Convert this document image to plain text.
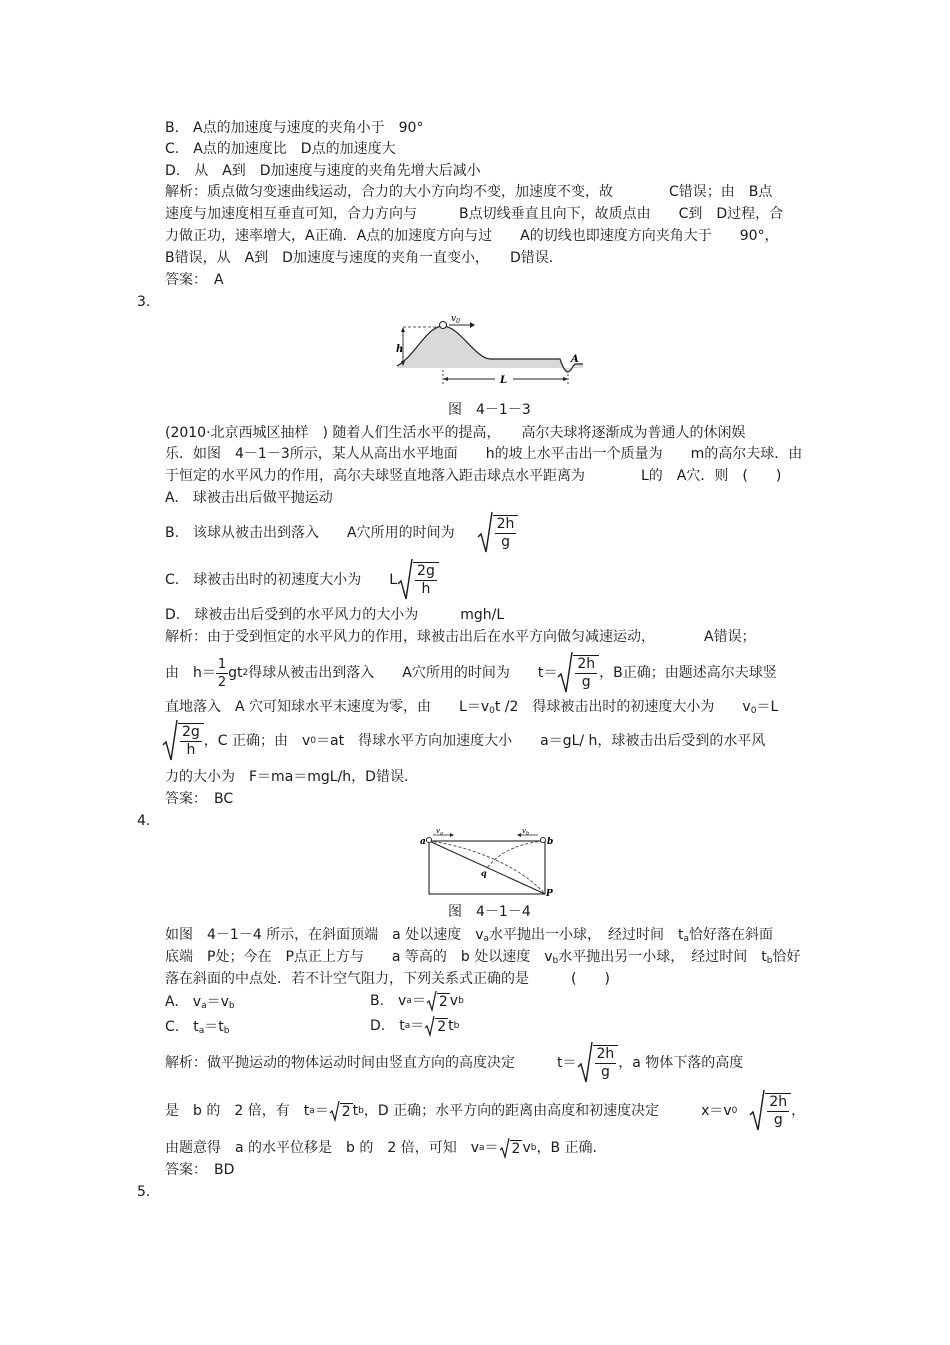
B.　A点的加速度与速度的夹角小于　90°
C.　A点的加速度比　D点的加速度大
D.　从　A到　D加速度与速度的夹角先增大后减小
解析：质点做匀变速曲线运动，合力的大小方向均不变，加速度不变，故　　　　C错误；由　B点
速度与加速度相互垂直可知，合力方向与　　　B点切线垂直且向下，故质点由　　C到　D过程，合
力做正功，速率增大，A正确．A点的加速度方向与过　　A的切线也即速度方向夹角大于　　90°，
B错误，从　A到　D加速度与速度的夹角一直变小，　　D错误．
答案：　A
3.
$v_0$
h
A
L
图　4－1－3
(2010·北京西城区抽样　) 随着人们生活水平的提高，　　高尔夫球将逐渐成为普通人的休闲娱
乐．如图　4－1－3所示，某人从高出水平地面　　h的坡上水平击出一个质量为　　m的高尔夫球．由
于恒定的水平风力的作用，高尔夫球竖直地落入距击球点水平距离为　　　　L的　A穴．则　(　　)
A.　球被击出后做平抛运动
B.　该球从被击出到落入　　A穴所用的时间为	$\frac{2h}{g}$
C.　球被击出时的初速度大小为　　L $\frac{2g}{h}$
D.　球被击出后受到的水平风力的大小为　　　mgh/L
解析：由于受到恒定的水平风力的作用，球被击出后在水平方向做匀减速运动，　　　　A错误；
由　$h= \frac{1}{2}$ gt 2 得球从被击出到落入　　A穴所用的时间为　　$t= \frac{2h}{g}$ ，B正确；由题述高尔夫球竖
直地落入　A 穴可知球水平末速度为零，由　　$L=v_0t$ /2　得球被击出时的初速度大小为　　$v_0=L$
$\frac{2g}{h}$ ，C 正确；由　v 0 ＝at　得球水平方向加速度大小　　a＝gL/ h，球被击出后受到的水平风
力的大小为　F＝ma＝mgL/h，D错误．
答案：　BC
4.
$v_a$	$v_b$
a	b
q
P
图　4－1－4
如图　4－1－4 所示，在斜面顶端　a 处以速度　$v_a$水平抛出一小球，　经过时间　$t_a$恰好落在斜面
底端　P处；今在　P点正上方与　　a 等高的　b 处以速度　$v_b$水平抛出另一小球，　经过时间　$t_b$恰好
落在斜面的中点处．若不计空气阻力，下列关系式正确的是　　　(　　)
A.　$v_a=v_b$	B.　v a ＝ 2 v b
C.　$t_a=t_b$	D.　t a ＝ 2 t b
解析：做平抛运动的物体运动时间由竖直方向的高度决定　　　$t= \frac{2h}{g}$ ，a 物体下落的高度
是　b 的　2 倍，有　t a ＝ 2 t b ，D 正确；水平方向的距离由高度和初速度决定　　　x＝v $0 \frac{2h}{g}$ ，
由题意得　a 的水平位移是　b 的　2 倍，可知　v a ＝ 2 v b ，B 正确．
答案：　BD
5.
